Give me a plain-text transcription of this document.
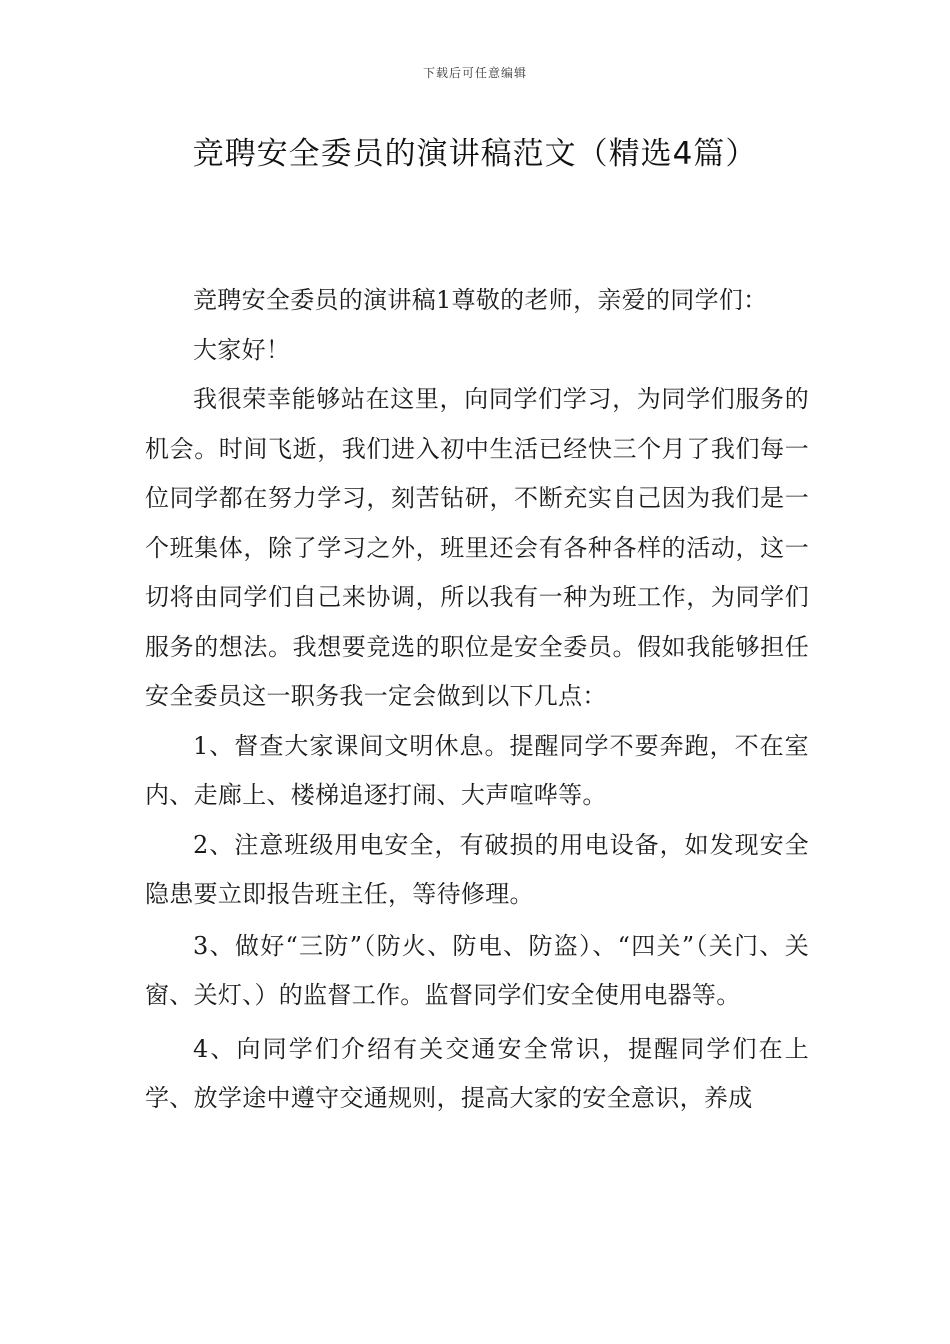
下载后可任意编辑
竞聘安全委员的演讲稿范文（精选4篇）

竞聘安全委员的演讲稿1尊敬的老师，亲爱的同学们：

大家好！

我很荣幸能够站在这里，向同学们学习，为同学们服务的机会。时间飞逝，我们进入初中生活已经快三个月了我们每一位同学都在努力学习，刻苦钻研，不断充实自己因为我们是一个班集体，除了学习之外，班里还会有各种各样的活动，这一切将由同学们自己来协调，所以我有一种为班工作，为同学们服务的想法。我想要竞选的职位是安全委员。假如我能够担任安全委员这一职务我一定会做到以下几点：

1、督查大家课间文明休息。提醒同学不要奔跑，不在室内、走廊上、楼梯追逐打闹、大声喧哗等。

2、注意班级用电安全，有破损的用电设备，如发现安全隐患要立即报告班主任，等待修理。

3、做好“三防”（防火、防电、防盗）、“四关”（关门、关窗、关灯、）的监督工作。监督同学们安全使用电器等。

4、向同学们介绍有关交通安全常识，提醒同学们在上学、放学途中遵守交通规则，提高大家的安全意识，养成
